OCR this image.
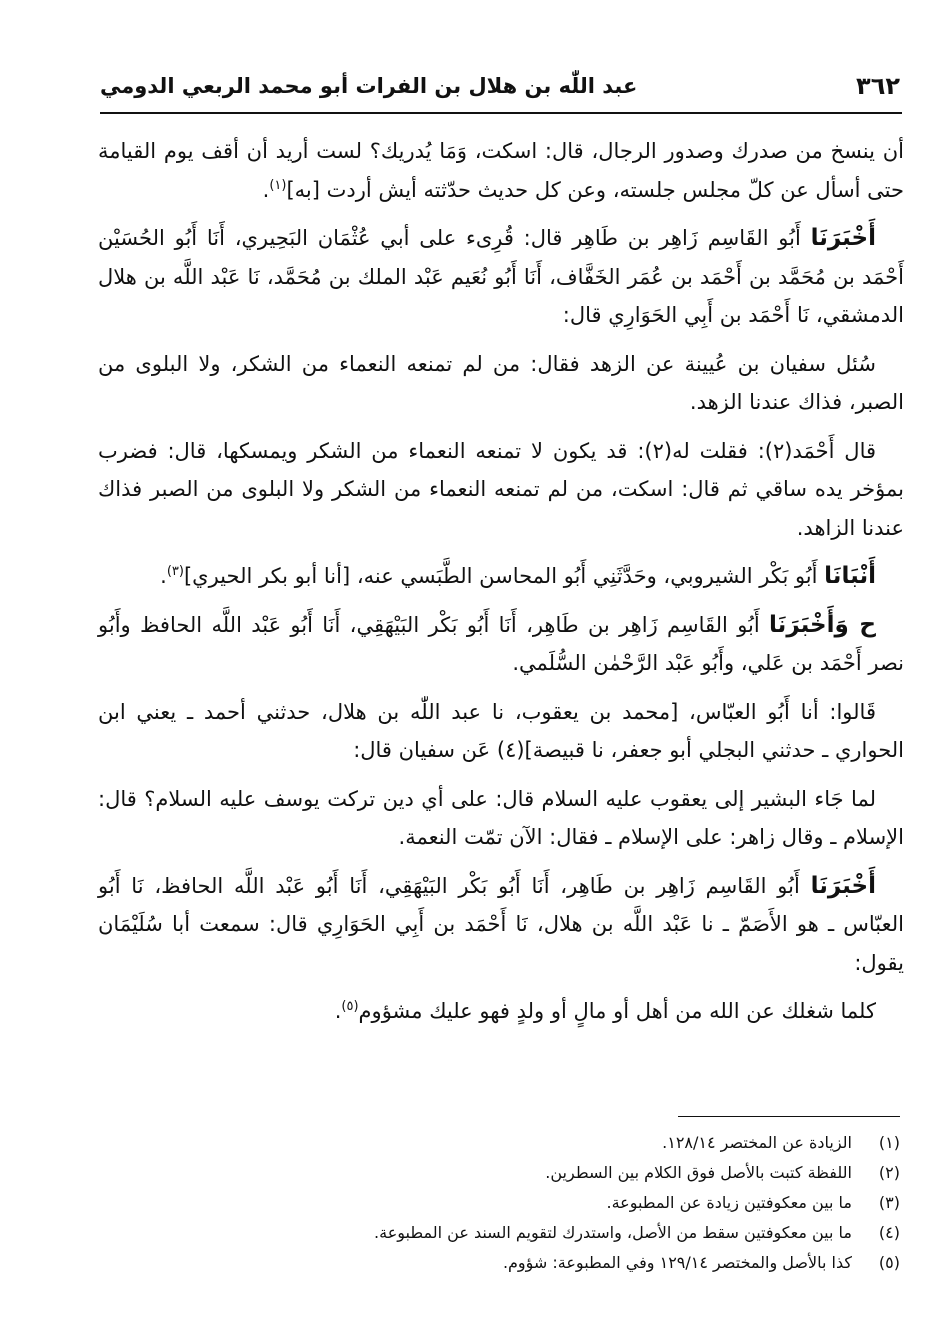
٣٦٢
عبد اللّٰه بن هلال بن الفرات أبو محمد الربعي الدومي

أن ينسخ من صدرك وصدور الرجال، قال: اسكت، وَمَا يُدريك؟ لست أريد أن أقف يوم القيامة حتى أسأل عن كلّ مجلس جلسته، وعن كل حديث حدّثته أيش أردت [به]$^{(١)}$.

أَخْبَرَنَا أَبُو القَاسِم زَاهِر بن طَاهِر قال: قُرِىء على أبي عُثْمَان البَحِيري، أَنَا أَبُو الحُسَيْن أَحْمَد بن مُحَمَّد بن أَحْمَد بن عُمَر الخَفَّاف، أَنَا أَبُو نُعَيم عَبْد الملك بن مُحَمَّد، نَا عَبْد اللَّه بن هلال الدمشقي، نَا أَحْمَد بن أَبِي الحَوَارِي قال:

سُئل سفيان بن عُيينة عن الزهد فقال: من لم تمنعه النعماء من الشكر، ولا البلوى من الصبر، فذاك عندنا الزهد.

قال أَحْمَد(٢): فقلت له(٢): قد يكون لا تمنعه النعماء من الشكر ويمسكها، قال: فضرب بمؤخر يده ساقي ثم قال: اسكت، من لم تمنعه النعماء من الشكر ولا البلوى من الصبر فذاك عندنا الزاهد.

أَنْبَانَا أَبُو بَكْر الشيروبي، وحَدَّثَنِي أَبُو المحاسن الطَّبَسي عنه، [أنا أبو بكر الحيري]$^{(٣)}$.

ح وَأَخْبَرَنَا أَبُو القَاسِم زَاهِر بن طَاهِر، أَنَا أَبُو بَكْر البَيْهَقِي، أَنَا أَبُو عَبْد اللَّه الحافظ وأَبُو نصر أَحْمَد بن عَلي، وأَبُو عَبْد الرَّحْمٰن السُّلَمي.

قَالوا: أنا أَبُو العبّاس، [محمد بن يعقوب، نا عبد اللّٰه بن هلال، حدثني أحمد ـ يعني ابن الحواري ـ حدثني البجلي أبو جعفر، نا قبيصة](٤) عَن سفيان قال:

لما جَاء البشير إلى يعقوب عليه السلام قال: على أي دين تركت يوسف عليه السلام؟ قال: الإسلام ـ وقال زاهر: على الإسلام ـ فقال: الآن تمّت النعمة.

أَخْبَرَنَا أَبُو القَاسِم زَاهِر بن طَاهِر، أَنَا أَبُو بَكْر البَيْهَقِي، أَنَا أَبُو عَبْد اللَّه الحافظ، نَا أَبُو العبّاس ـ هو الأَصَمّ ـ نا عَبْد اللَّه بن هلال، نَا أَحْمَد بن أَبِي الحَوَارِي قال: سمعت أبا سُلَيْمَان يقول:

كلما شغلك عن الله من أهل أو مالٍ أو ولدٍ فهو عليك مشؤوم$^{(٥)}$.

(١)
الزيادة عن المختصر ١٢٨/١٤.
(٢)
اللفظة كتبت بالأصل فوق الكلام بين السطرين.
(٣)
ما بين معكوفتين زيادة عن المطبوعة.
(٤)
ما بين معكوفتين سقط من الأصل، واستدرك لتقويم السند عن المطبوعة.
(٥)
كذا بالأصل والمختصر ١٢٩/١٤ وفي المطبوعة: شؤوم.
